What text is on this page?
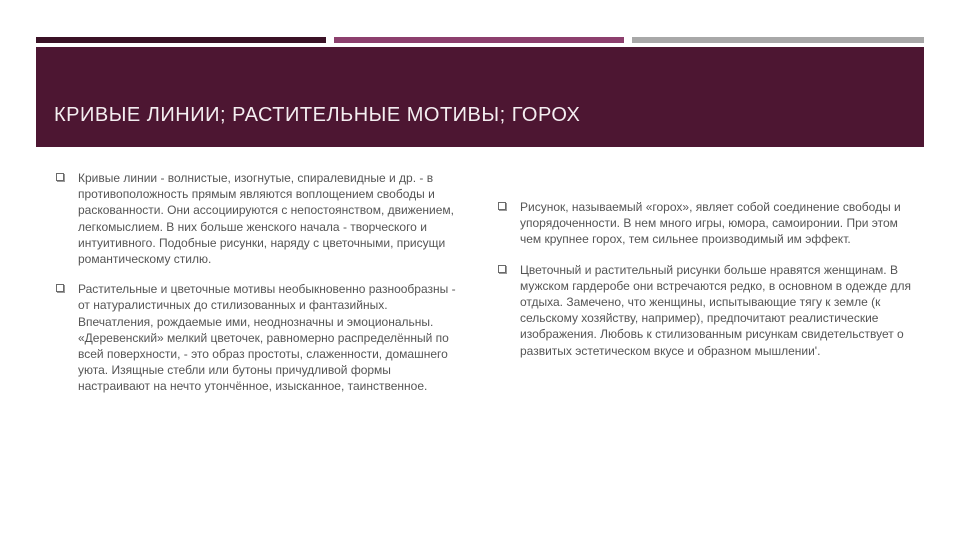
КРИВЫЕ ЛИНИИ; РАСТИТЕЛЬНЫЕ МОТИВЫ; ГОРОХ
Кривые линии - волнистые, изогнутые, спиралевидные и др. - в противоположность прямым являются воплощением свободы и раскованности. Они ассоциируются с непостоянством, движением, легкомыслием. В них больше женского начала - творческого и интуитивного. Подобные рисунки, наряду с цветочными, присущи романтическому стилю.
Растительные и цветочные мотивы необыкновенно разнообразны - от натуралистичных до стилизованных и фантазийных. Впечатления, рождаемые ими, неоднозначны и эмоциональны. «Деревенский» мелкий цветочек, равномерно распределённый по всей поверхности, - это образ простоты, слаженности, домашнего уюта. Изящные стебли или бутоны причудливой формы настраивают на нечто утончённое, изысканное, таинственное.
Рисунок, называемый «горох», являет собой соединение свободы и упорядоченности. В нем много игры, юмора, самоиронии. При этом чем крупнее горох, тем сильнее производимый им эффект.
Цветочный и растительный рисунки больше нравятся женщинам. В мужском гардеробе они встречаются редко, в основном в одежде для отдыха. Замечено, что женщины, испытывающие тягу к земле (к сельскому хозяйству, например), предпочитают реалистические изображения. Любовь к стилизованным рисункам свидетельствует о развитых эстетическом вкусе и образном мышлении'.
